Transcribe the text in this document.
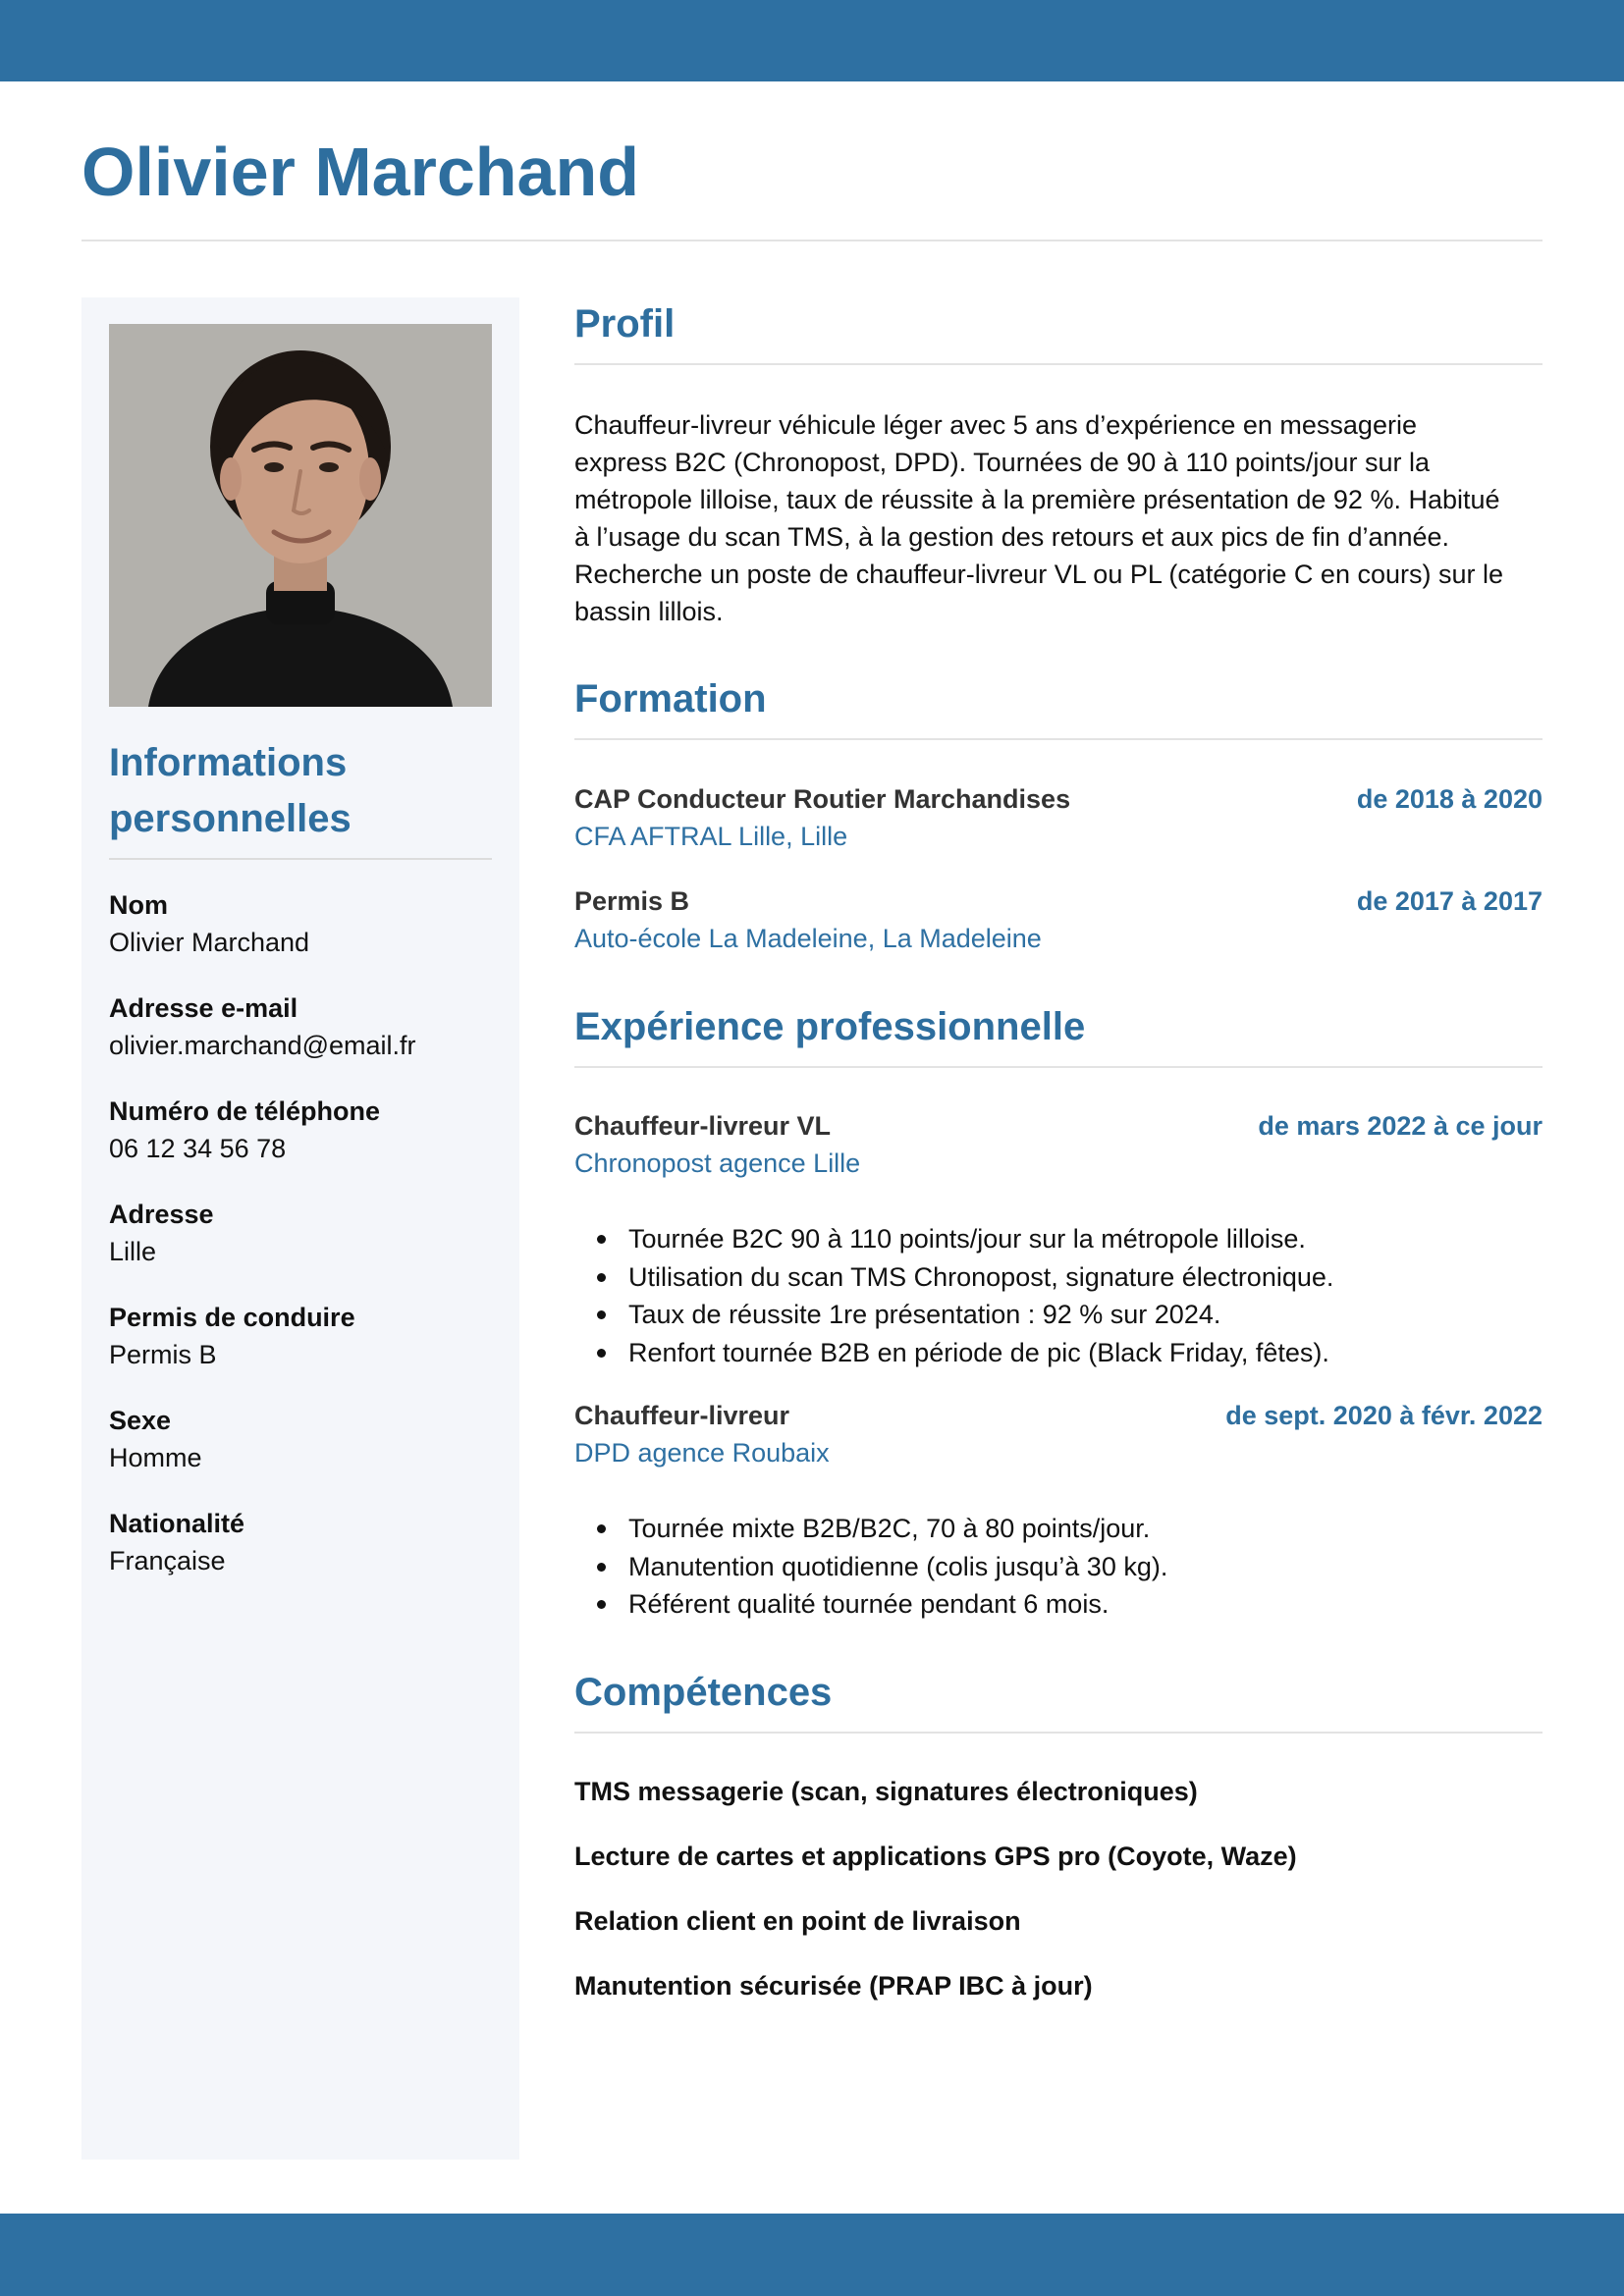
Olivier Marchand
Informations personnelles
Nom
Olivier Marchand
Adresse e-mail
olivier.marchand@email.fr
Numéro de téléphone
06 12 34 56 78
Adresse
Lille
Permis de conduire
Permis B
Sexe
Homme
Nationalité
Française
Profil
Chauffeur-livreur véhicule léger avec 5 ans d’expérience en messagerie
express B2C (Chronopost, DPD). Tournées de 90 à 110 points/jour sur la
métropole lilloise, taux de réussite à la première présentation de 92 %. Habitué
à l’usage du scan TMS, à la gestion des retours et aux pics de fin d’année.
Recherche un poste de chauffeur-livreur VL ou PL (catégorie C en cours) sur le
bassin lillois.
Formation
CAP Conducteur Routier Marchandises	de 2018 à 2020
CFA AFTRAL Lille, Lille
Permis B	de 2017 à 2017
Auto-école La Madeleine, La Madeleine
Expérience professionnelle
Chauffeur-livreur VL	de mars 2022 à ce jour
Chronopost agence Lille
Tournée B2C 90 à 110 points/jour sur la métropole lilloise.
Utilisation du scan TMS Chronopost, signature électronique.
Taux de réussite 1re présentation : 92 % sur 2024.
Renfort tournée B2B en période de pic (Black Friday, fêtes).
Chauffeur-livreur	de sept. 2020 à févr. 2022
DPD agence Roubaix
Tournée mixte B2B/B2C, 70 à 80 points/jour.
Manutention quotidienne (colis jusqu’à 30 kg).
Référent qualité tournée pendant 6 mois.
Compétences
TMS messagerie (scan, signatures électroniques)
Lecture de cartes et applications GPS pro (Coyote, Waze)
Relation client en point de livraison
Manutention sécurisée (PRAP IBC à jour)
